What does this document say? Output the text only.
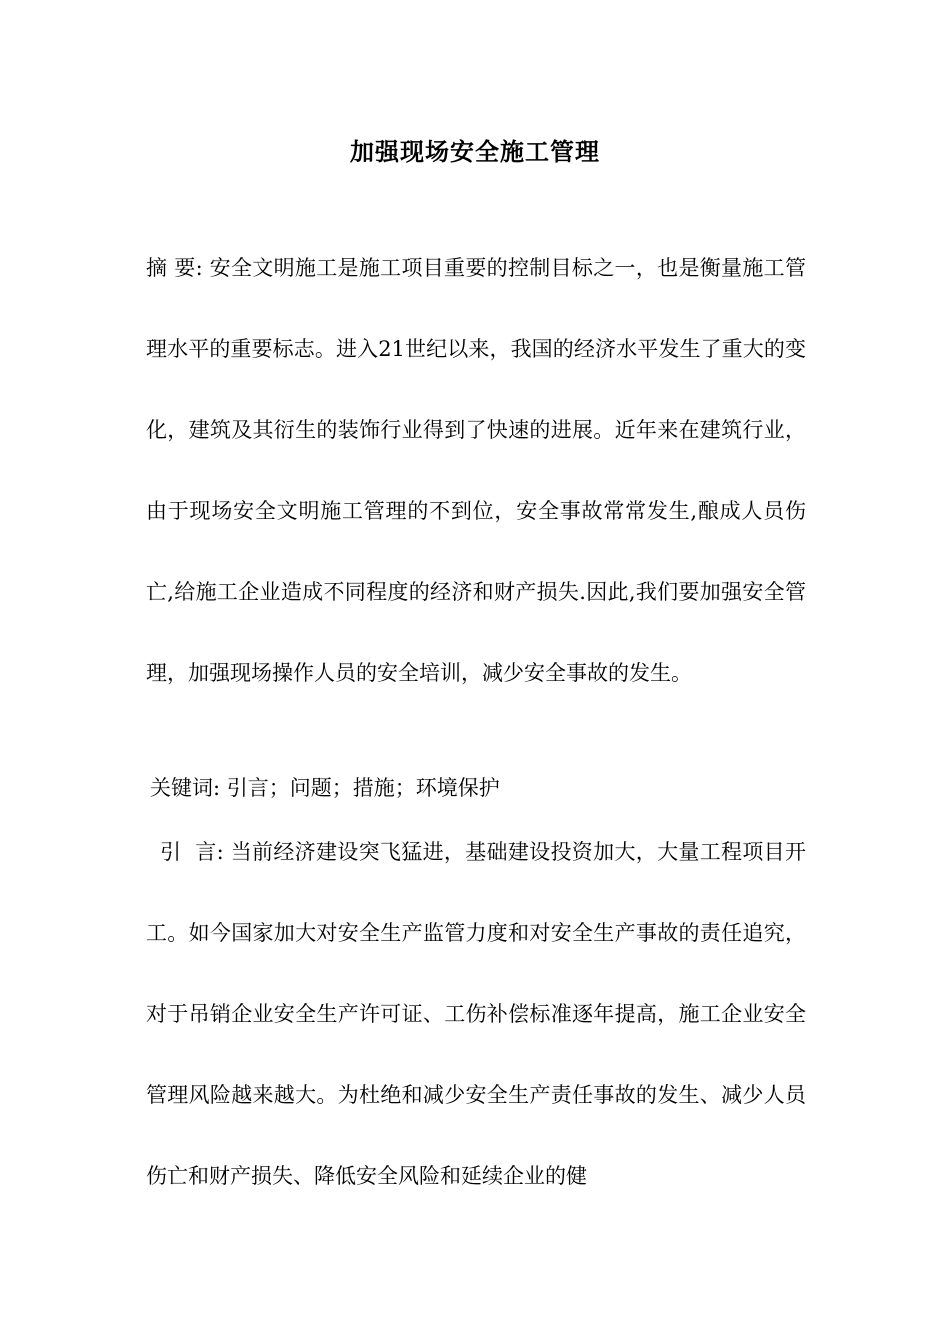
加强现场安全施工管理

摘 要: 安全文明施工是施工项目重要的控制目标之一，也是衡量施工管理水平的重要标志。进入21世纪以来，我国的经济水平发生了重大的变化，建筑及其衍生的装饰行业得到了快速的进展。近年来在建筑行业，由于现场安全文明施工管理的不到位，安全事故常常发生,酿成人员伤亡,给施工企业造成不同程度的经济和财产损失.因此,我们要加强安全管理，加强现场操作人员的安全培训，减少安全事故的发生。

关键词: 引言；问题；措施；环境保护

引  言: 当前经济建设突飞猛进，基础建设投资加大，大量工程项目开工。如今国家加大对安全生产监管力度和对安全生产事故的责任追究，对于吊销企业安全生产许可证、工伤补偿标准逐年提高，施工企业安全管理风险越来越大。为杜绝和减少安全生产责任事故的发生、减少人员伤亡和财产损失、降低安全风险和延续企业的健
